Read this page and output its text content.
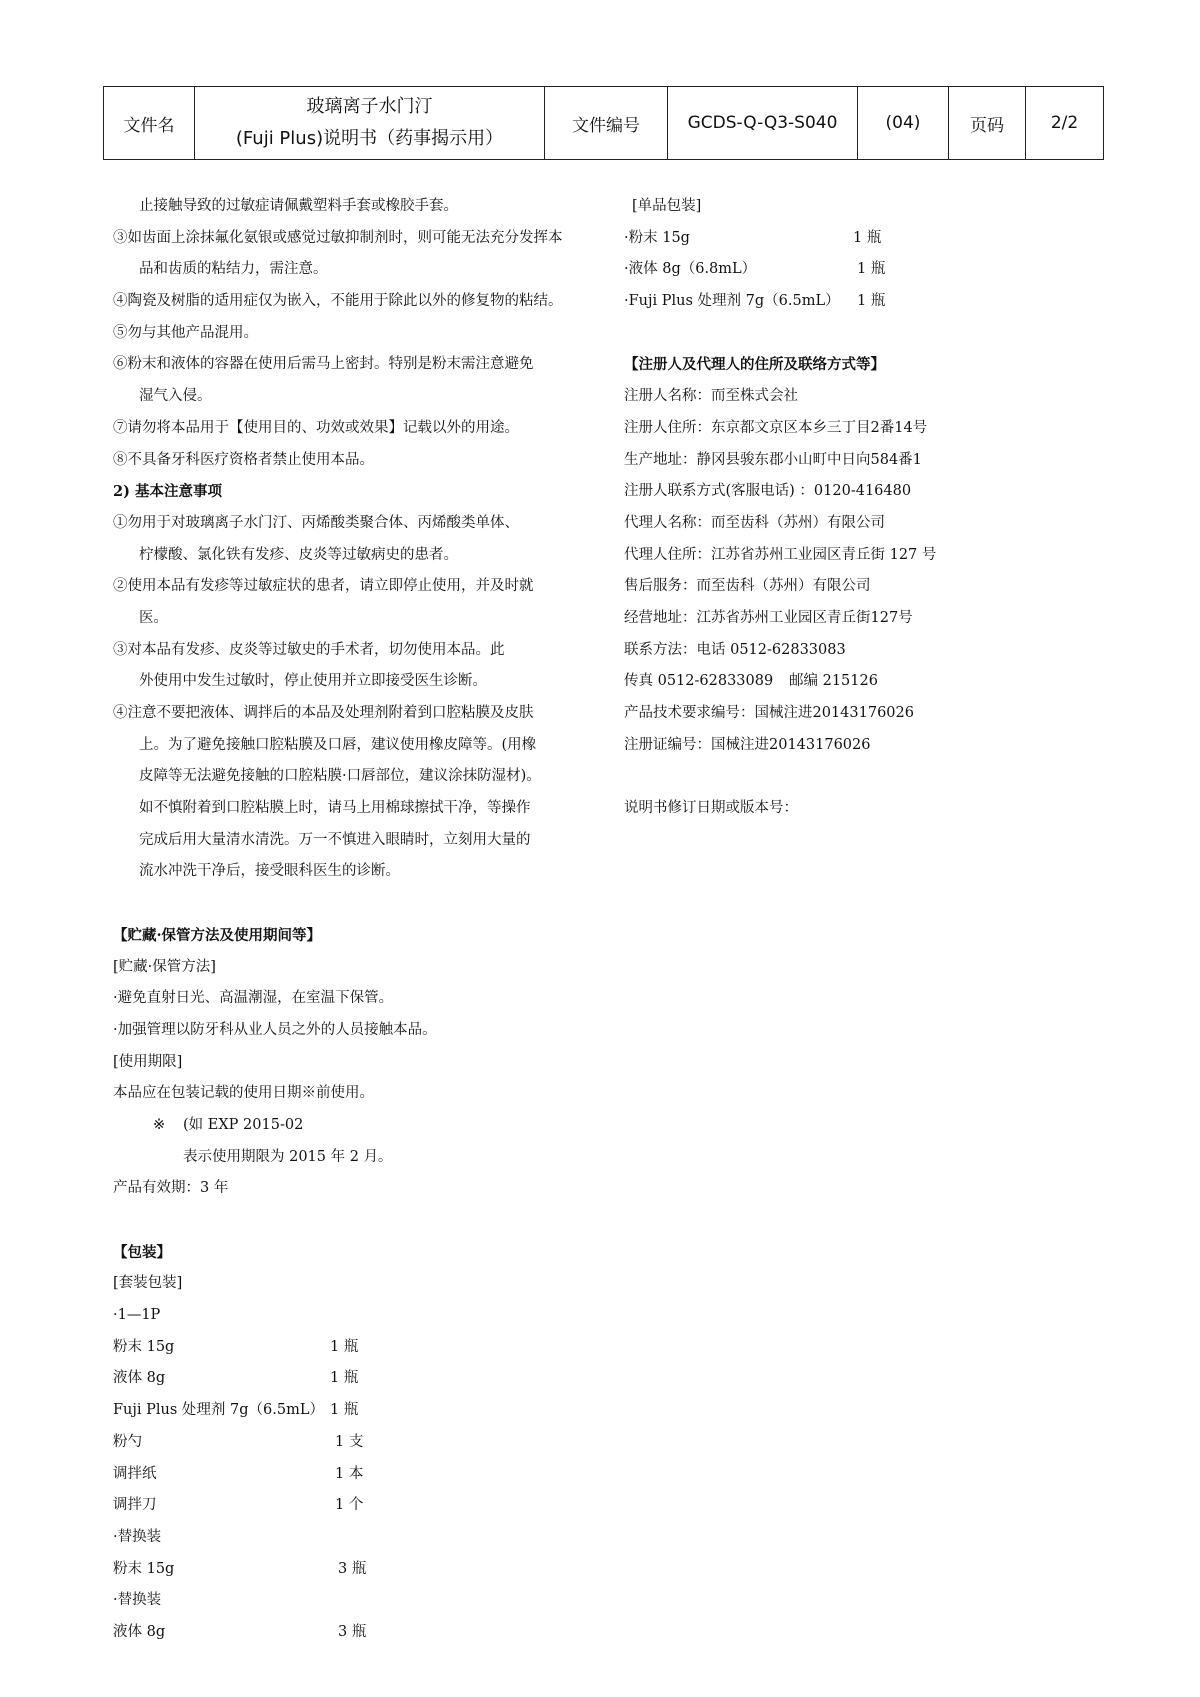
文件名	
玻璃离子水门汀
(Fuji Plus)说明书（药事揭示用）
	文件编号	GCDS-Q-Q3-S040	(04)	页码	2/2
止接触导致的过敏症请佩戴塑料手套或橡胶手套。
③如齿面上涂抹氟化氨银或感觉过敏抑制剂时，则可能无法充分发挥本
品和齿质的粘结力，需注意。
④陶瓷及树脂的适用症仅为嵌入，不能用于除此以外的修复物的粘结。
⑤勿与其他产品混用。
⑥粉末和液体的容器在使用后需马上密封。特别是粉末需注意避免
湿气入侵。
⑦请勿将本品用于【使用目的、功效或效果】记载以外的用途。
⑧不具备牙科医疗资格者禁止使用本品。
2) 基本注意事项
①勿用于对玻璃离子水门汀、丙烯酸类聚合体、丙烯酸类单体、
柠檬酸、氯化铁有发疹、皮炎等过敏病史的患者。
②使用本品有发疹等过敏症状的患者，请立即停止使用，并及时就
医。
③对本品有发疹、皮炎等过敏史的手术者，切勿使用本品。此
外使用中发生过敏时，停止使用并立即接受医生诊断。
④注意不要把液体、调拌后的本品及处理剂附着到口腔粘膜及皮肤
上。为了避免接触口腔粘膜及口唇，建议使用橡皮障等。(用橡
皮障等无法避免接触的口腔粘膜·口唇部位，建议涂抹防湿材)。
如不慎附着到口腔粘膜上时，请马上用棉球擦拭干净，等操作
完成后用大量清水清洗。万一不慎进入眼睛时，立刻用大量的
流水冲洗干净后，接受眼科医生的诊断。
【贮藏·保管方法及使用期间等】
[贮藏·保管方法]
·避免直射日光、高温潮湿，在室温下保管。
·加强管理以防牙科从业人员之外的人员接触本品。
[使用期限]
本品应在包装记载的使用日期※前使用。
※ (如 EXP 2015-02
表示使用期限为 2015 年 2 月。
产品有效期：3 年
【包装】
[套装包装]
·1—1P
粉末 15g	1 瓶
液体 8g	1 瓶
Fuji Plus 处理剂 7g（6.5mL） 1 瓶
粉勺	1 支
调拌纸	1 本
调拌刀	1 个
·替换装
粉末 15g	3 瓶
·替换装
液体 8g	3 瓶
[单品包装]
·粉末 15g	1 瓶
·液体 8g（6.8mL）	1 瓶
·Fuji Plus 处理剂 7g（6.5mL） 1 瓶
【注册人及代理人的住所及联络方式等】
注册人名称：而至株式会社
注册人住所：东京都文京区本乡三丁目2番14号
生产地址：静冈县骏东郡小山町中日向584番1
注册人联系方式(客服电话) ：0120-416480
代理人名称：而至齿科（苏州）有限公司
代理人住所：江苏省苏州工业园区青丘街 127 号
售后服务：而至齿科（苏州）有限公司
经营地址：江苏省苏州工业园区青丘街127号
联系方法：电话 0512-62833083
传真 0512-62833089 邮编 215126
产品技术要求编号：国械注进20143176026
注册证编号：国械注进20143176026
说明书修订日期或版本号：
